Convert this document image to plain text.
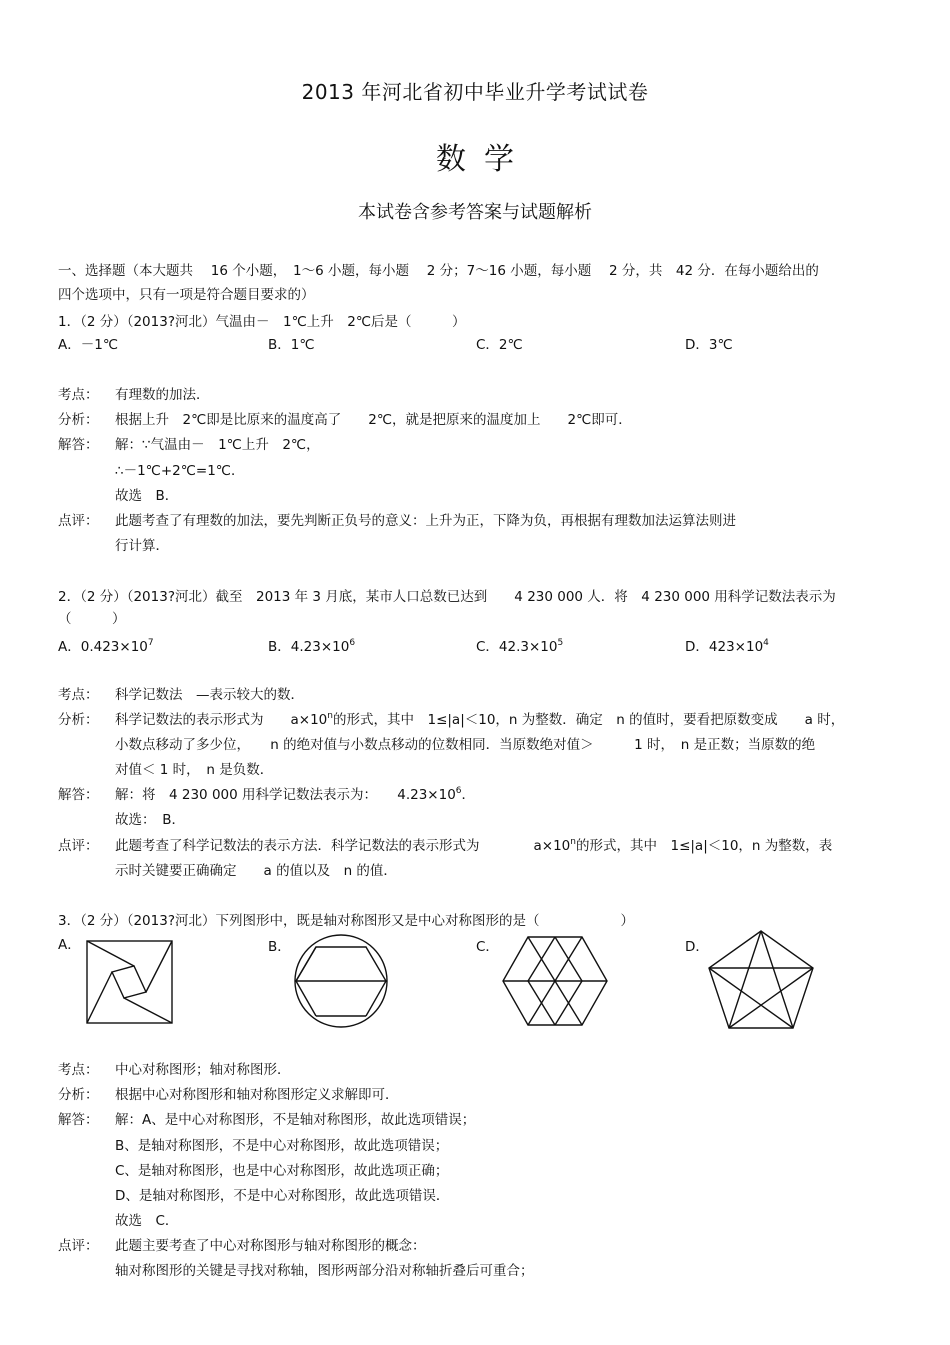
2013 年河北省初中毕业升学考试试卷
数学
本试卷含参考答案与试题解析
一、选择题（本大题共　 16 个小题，　1～6 小题，每小题　 2 分；7～16 小题，每小题　 2 分，共　42 分．在每小题给出的
四个选项中，只有一项是符合题目要求的）
1．（2 分）（2013?河北）气温由－　1℃上升　2℃后是（　　　）
A．－1℃	B．1℃	C．2℃	D．3℃
考点： 有理数的加法．
分析： 根据上升　2℃即是比原来的温度高了　　2℃，就是把原来的温度加上　　2℃即可．
解答： 解：∵气温由－　1℃上升　2℃，
∴－1℃+2℃=1℃．
故选　B．
点评： 此题考查了有理数的加法，要先判断正负号的意义：上升为正，下降为负，再根据有理数加法运算法则进
行计算．
2．（2 分）（2013?河北）截至　2013 年 3 月底，某市人口总数已达到　　4 230 000 人．将　4 230 000 用科学记数法表示为
（　　　）
A．$0.423\times 10^7$	B．$4.23\times 10^6$	C．$42.3\times 10^5$	D．$423\times 10^4$
考点： 科学记数法　—表示较大的数．
分析： 科学记数法的表示形式为　　$a\times 10^n$的形式，其中　1≤|a|＜10，n 为整数．确定　n 的值时，要看把原数变成　　a 时，
小数点移动了多少位，　　n 的绝对值与小数点移动的位数相同．当原数绝对值＞　　　1 时，　n 是正数；当原数的绝
对值＜ 1 时，　n 是负数．
解答： 解：将　4 230 000 用科学记数法表示为：　　$4.23\times 10^6$．
故选：　B．
点评： 此题考查了科学记数法的表示方法．科学记数法的表示形式为　　　　$a\times 10^n$的形式，其中　1≤|a|＜10，n 为整数，表
示时关键要正确确定　　a 的值以及　n 的值．
3．（2 分）（2013?河北）下列图形中，既是轴对称图形又是中心对称图形的是（　　　　　　）
A．	B．	C．	D．
考点： 中心对称图形；轴对称图形．
分析： 根据中心对称图形和轴对称图形定义求解即可．
解答： 解：A、是中心对称图形，不是轴对称图形，故此选项错误；
B、是轴对称图形，不是中心对称图形，故此选项错误；
C、是轴对称图形，也是中心对称图形，故此选项正确；
D、是轴对称图形，不是中心对称图形，故此选项错误．
故选　C．
点评： 此题主要考查了中心对称图形与轴对称图形的概念：
轴对称图形的关键是寻找对称轴，图形两部分沿对称轴折叠后可重合；
